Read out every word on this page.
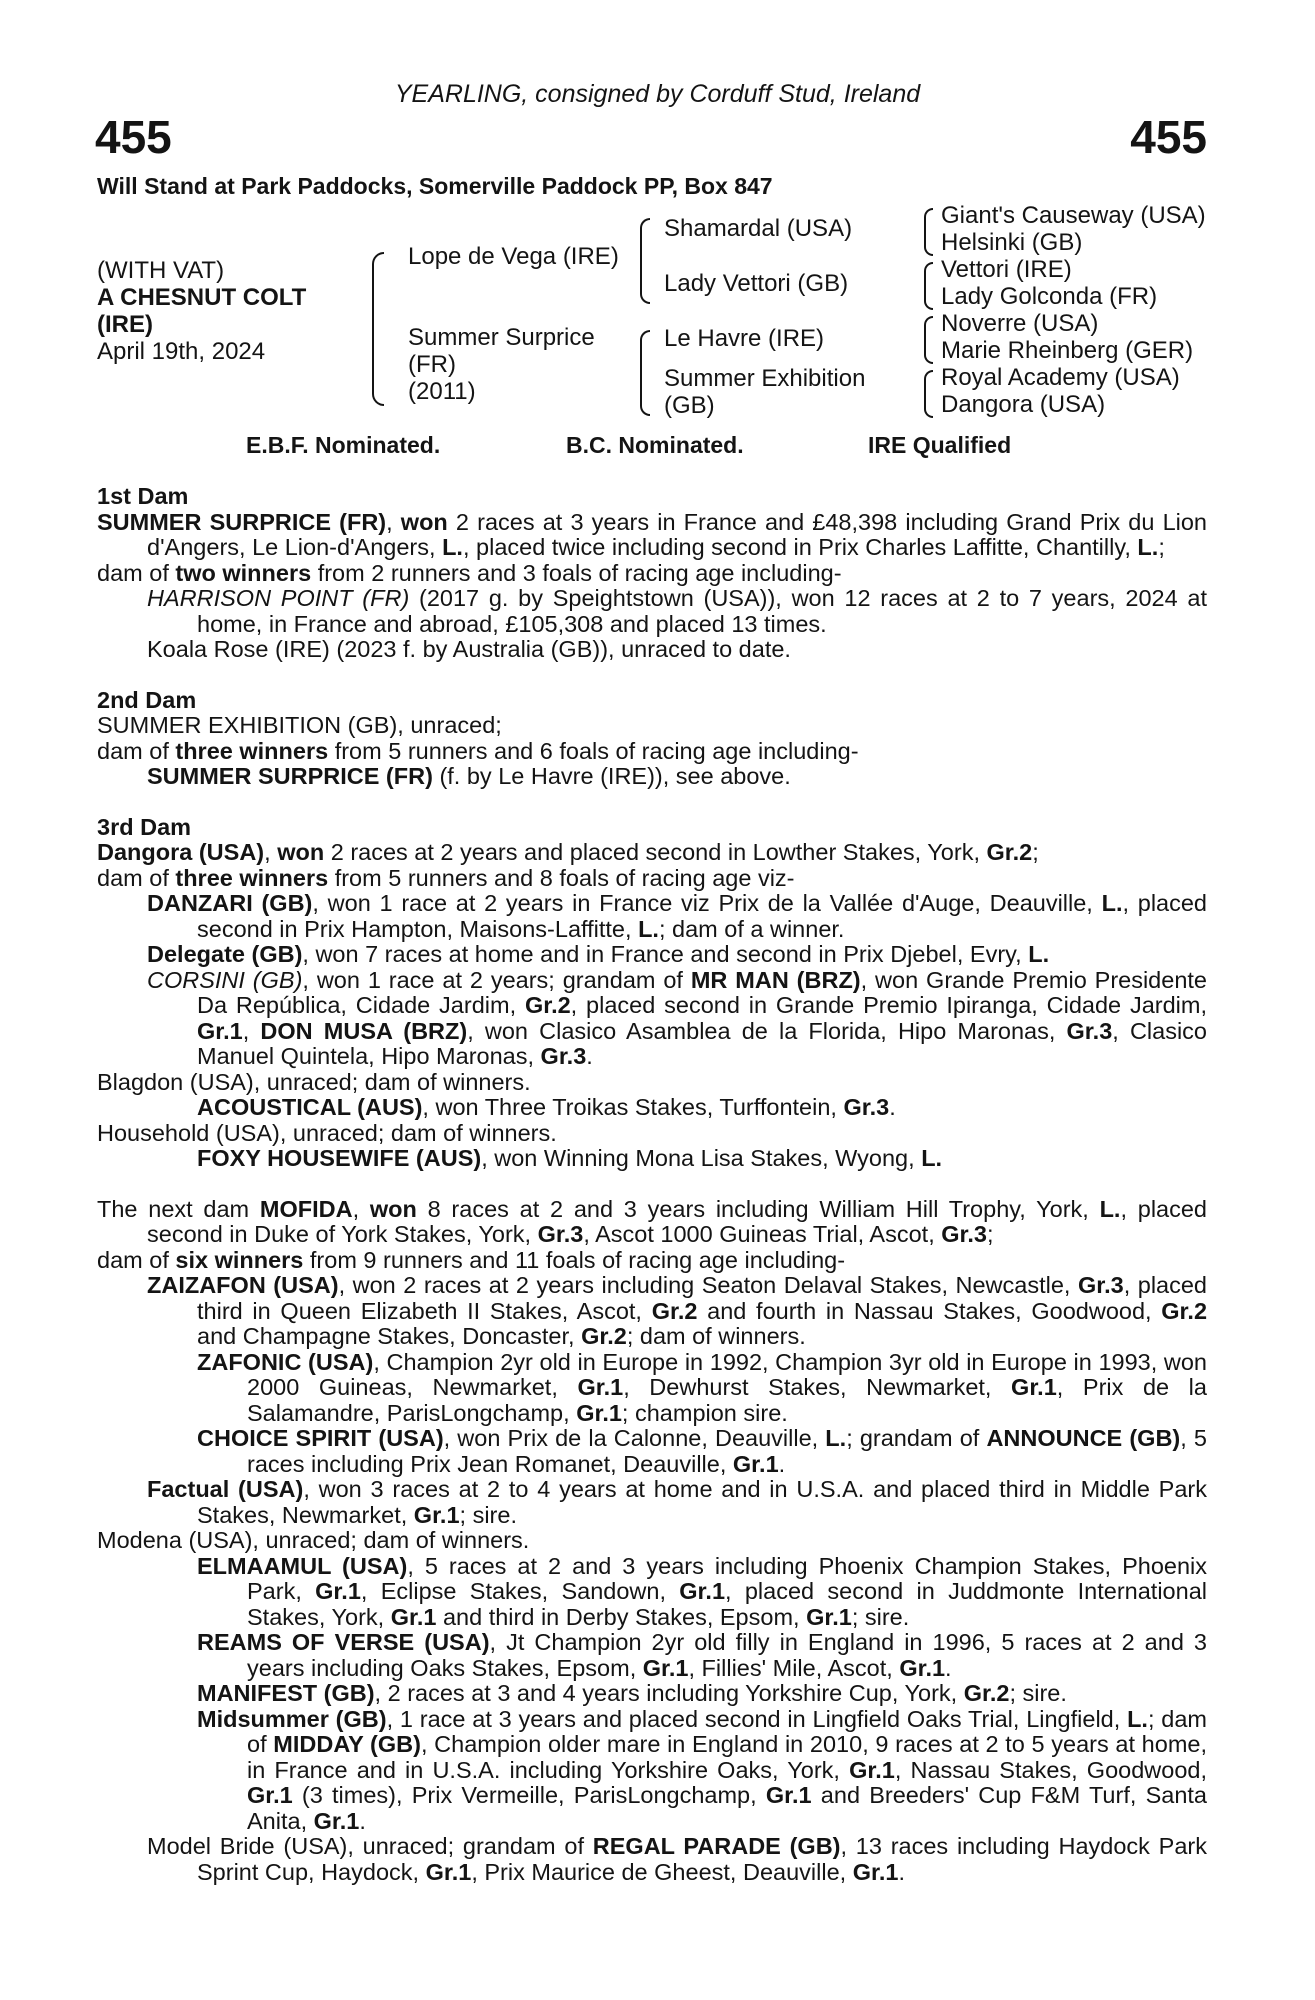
YEARLING, consigned by Corduff Stud, Ireland
455	455
Will Stand at Park Paddocks, Somerville Paddock PP, Box 847
(WITH VAT)
A CHESNUT COLT
(IRE)
April 19th, 2024
Lope de Vega (IRE)
Summer Surprice
(FR)
(2011)
Shamardal (USA)
Lady Vettori (GB)
Le Havre (IRE)
Summer Exhibition
(GB)
Giant's Causeway (USA)
Helsinki (GB)
Vettori (IRE)
Lady Golconda (FR)
Noverre (USA)
Marie Rheinberg (GER)
Royal Academy (USA)
Dangora (USA)
E.B.F. Nominated.	B.C. Nominated.	IRE Qualified

1st Dam

SUMMER SURPRICE (FR), won 2 races at 3 years in France and £48,398 including Grand Prix du Lion d'Angers, Le Lion-d'Angers, L., placed twice including second in Prix Charles Laffitte, Chantilly, L.;

dam of two winners from 2 runners and 3 foals of racing age including-

HARRISON POINT (FR) (2017 g. by Speightstown (USA)), won 12 races at 2 to 7 years, 2024 at home, in France and abroad, £105,308 and placed 13 times.

Koala Rose (IRE) (2023 f. by Australia (GB)), unraced to date.

2nd Dam

SUMMER EXHIBITION (GB), unraced;

dam of three winners from 5 runners and 6 foals of racing age including-

SUMMER SURPRICE (FR) (f. by Le Havre (IRE)), see above.

3rd Dam

Dangora (USA), won 2 races at 2 years and placed second in Lowther Stakes, York, Gr.2;

dam of three winners from 5 runners and 8 foals of racing age viz-

DANZARI (GB), won 1 race at 2 years in France viz Prix de la Vallée d'Auge, Deauville, L., placed second in Prix Hampton, Maisons-Laffitte, L.; dam of a winner.

Delegate (GB), won 7 races at home and in France and second in Prix Djebel, Evry, L.

CORSINI (GB), won 1 race at 2 years; grandam of MR MAN (BRZ), won Grande Premio Presidente Da República, Cidade Jardim, Gr.2, placed second in Grande Premio Ipiranga, Cidade Jardim, Gr.1, DON MUSA (BRZ), won Clasico Asamblea de la Florida, Hipo Maronas, Gr.3, Clasico Manuel Quintela, Hipo Maronas, Gr.3.

Blagdon (USA), unraced; dam of winners.

ACOUSTICAL (AUS), won Three Troikas Stakes, Turffontein, Gr.3.

Household (USA), unraced; dam of winners.

FOXY HOUSEWIFE (AUS), won Winning Mona Lisa Stakes, Wyong, L.

The next dam MOFIDA, won 8 races at 2 and 3 years including William Hill Trophy, York, L., placed second in Duke of York Stakes, York, Gr.3, Ascot 1000 Guineas Trial, Ascot, Gr.3;

dam of six winners from 9 runners and 11 foals of racing age including-

ZAIZAFON (USA), won 2 races at 2 years including Seaton Delaval Stakes, Newcastle, Gr.3, placed third in Queen Elizabeth II Stakes, Ascot, Gr.2 and fourth in Nassau Stakes, Goodwood, Gr.2 and Champagne Stakes, Doncaster, Gr.2; dam of winners.

ZAFONIC (USA), Champion 2yr old in Europe in 1992, Champion 3yr old in Europe in 1993, won 2000 Guineas, Newmarket, Gr.1, Dewhurst Stakes, Newmarket, Gr.1, Prix de la Salamandre, ParisLongchamp, Gr.1; champion sire.

CHOICE SPIRIT (USA), won Prix de la Calonne, Deauville, L.; grandam of ANNOUNCE (GB), 5 races including Prix Jean Romanet, Deauville, Gr.1.

Factual (USA), won 3 races at 2 to 4 years at home and in U.S.A. and placed third in Middle Park Stakes, Newmarket, Gr.1; sire.

Modena (USA), unraced; dam of winners.

ELMAAMUL (USA), 5 races at 2 and 3 years including Phoenix Champion Stakes, Phoenix Park, Gr.1, Eclipse Stakes, Sandown, Gr.1, placed second in Juddmonte International Stakes, York, Gr.1 and third in Derby Stakes, Epsom, Gr.1; sire.

REAMS OF VERSE (USA), Jt Champion 2yr old filly in England in 1996, 5 races at 2 and 3 years including Oaks Stakes, Epsom, Gr.1, Fillies' Mile, Ascot, Gr.1.

MANIFEST (GB), 2 races at 3 and 4 years including Yorkshire Cup, York, Gr.2; sire.

Midsummer (GB), 1 race at 3 years and placed second in Lingfield Oaks Trial, Lingfield, L.; dam of MIDDAY (GB), Champion older mare in England in 2010, 9 races at 2 to 5 years at home, in France and in U.S.A. including Yorkshire Oaks, York, Gr.1, Nassau Stakes, Goodwood, Gr.1 (3 times), Prix Vermeille, ParisLongchamp, Gr.1 and Breeders' Cup F&M Turf, Santa Anita, Gr.1.

Model Bride (USA), unraced; grandam of REGAL PARADE (GB), 13 races including Haydock Park Sprint Cup, Haydock, Gr.1, Prix Maurice de Gheest, Deauville, Gr.1.
